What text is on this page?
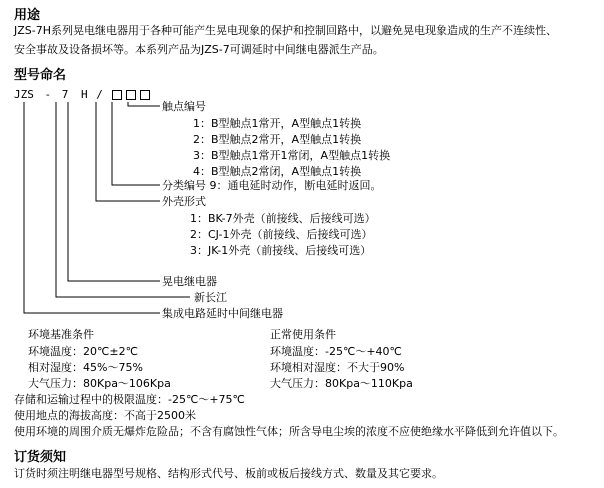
用途
JZS-7H系列晃电继电器用于各种可能产生晃电现象的保护和控制回路中，以避免晃电现象造成的生产不连续性、
安全事故及设备损坏等。本系列产品为JZS-7可调延时中间继电器派生产品。
型号命名
JZS - 7 H /
触点编号
1：B型触点1常开，A型触点1转换
2：B型触点2常开，A型触点1转换
3：B型触点1常开1常闭，A型触点1转换
4：B型触点2常闭，A型触点1转换
分类编号 9：通电延时动作，断电延时返回。
外壳形式
1：BK-7外壳（前接线、后接线可选）
2：CJ-1外壳（前接线、后接线可选）
3：JK-1外壳（前接线、后接线可选）
晃电继电器
新长江
集成电路延时中间继电器
环境基准条件
环境温度：20℃±2℃
相对湿度：45%～75%
大气压力：80Kpa～106Kpa
正常使用条件
环境温度：-25℃～+40℃
环境相对湿度：不大于90%
大气压力：80Kpa～110Kpa
存储和运输过程中的极限温度：-25℃～+75℃
使用地点的海拔高度：不高于2500米
使用环境的周围介质无爆炸危险品；不含有腐蚀性气体；所含导电尘埃的浓度不应使绝缘水平降低到允许值以下。
订货须知
订货时须注明继电器型号规格、结构形式代号、板前或板后接线方式、数量及其它要求。
